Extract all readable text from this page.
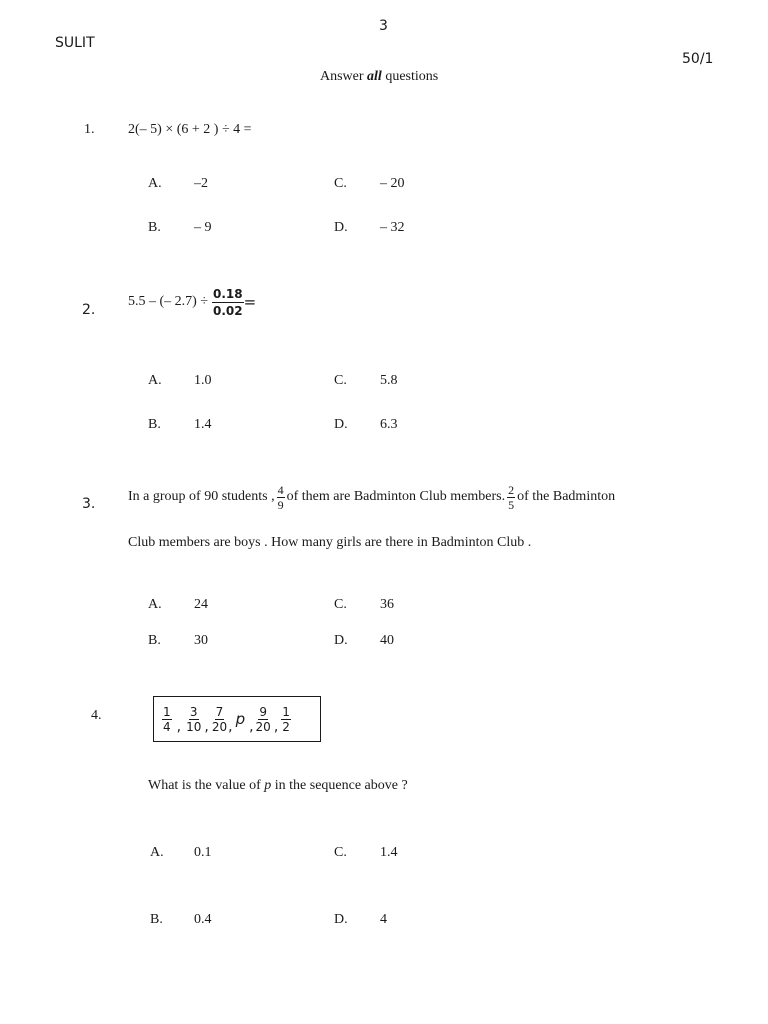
3
SULIT
50/1
Answer all questions
1. 2(– 5) × (6 + 2 ) ÷ 4 =
A. –2
B. – 9
C. – 20
D. – 32
2.
5.5 – (– $2.7) \div \frac{0.18}{0.02}$ =
A. 1.0
B. 1.4
C. 5.8
D. 6.3
3. In a group of 90 students , $\frac{4}{9}$ of them are Badminton Club members. $\frac{2}{5}$ of the Badminton
Club members are boys . How many girls are there in Badminton Club .
A. 24
B. 30
C. 36
D. 40
4.	$\frac{1}{4}$ , $\frac{3}{10}$ , $\frac{7}{20}$ , p , $\frac{9}{20}$ , $\frac{1}{2}$
What is the value of p in the sequence above ?
A. 0.1
B. 0.4
C. 1.4
D. 4
